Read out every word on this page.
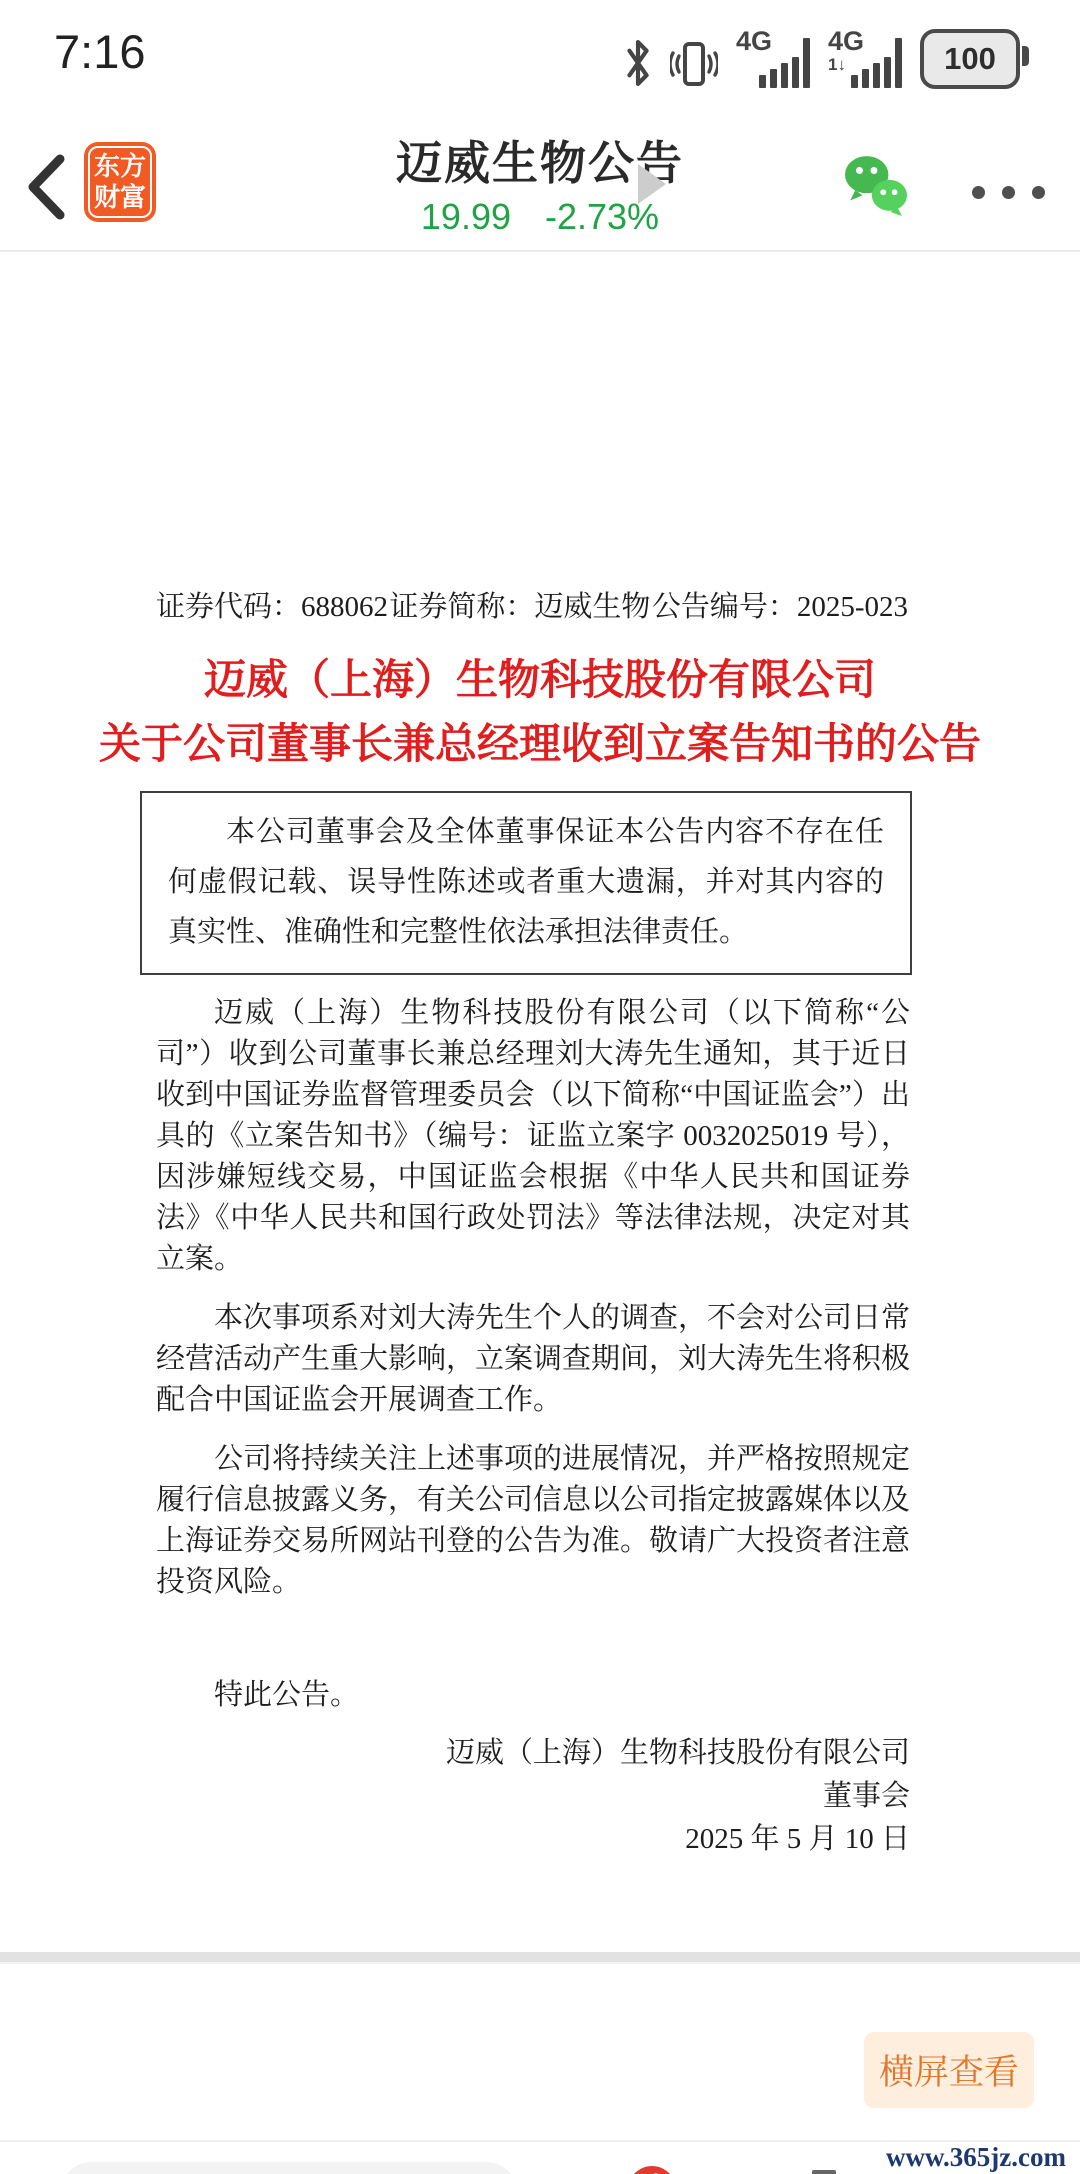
7:16	4G 4G
1↓	100
东方
财富
迈威生物公告
19.99 -2.73%
证券代码：688062 证券简称：迈威生物 公告编号：2025-023
迈威（上海）生物科技股份有限公司
关于公司董事长兼总经理收到立案告知书的公告
本公司董事会及全体董事保证本公告内容不存在任何虚假记载、误导性陈述或者重大遗漏，并对其内容的真实性、准确性和完整性依法承担法律责任。

迈威（上海）生物科技股份有限公司（以下简称“公司”）收到公司董事长兼总经理刘大涛先生通知，其于近日收到中国证券监督管理委员会（以下简称“中国证监会”）出具的《立案告知书》（编号：证监立案字 0032025019 号），因涉嫌短线交易，中国证监会根据《中华人民共和国证券法》《中华人民共和国行政处罚法》等法律法规，决定对其立案。

本次事项系对刘大涛先生个人的调查，不会对公司日常经营活动产生重大影响，立案调查期间，刘大涛先生将积极配合中国证监会开展调查工作。

公司将持续关注上述事项的进展情况，并严格按照规定履行信息披露义务，有关公司信息以公司指定披露媒体以及上海证券交易所网站刊登的公告为准。敬请广大投资者注意投资风险。

特此公告。

迈威（上海）生物科技股份有限公司
董事会
2025 年 5 月 10 日
横屏查看
www.365jz.com
